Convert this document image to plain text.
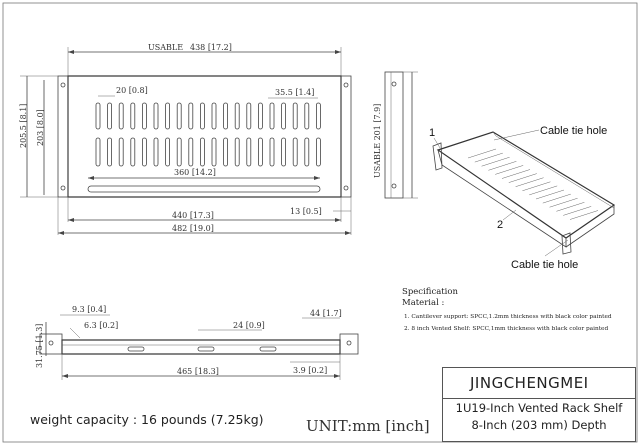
USABLE 438 [17.2]
20 [0.8]	35.5 [1.4]
360 [14.2]
13 [0.5]
440 [17.3]
482 [19.0]
205.5 [8.1] 203 [8.0]	USABLE 201 [7.9]	1
2
Cable tie hole
Cable tie hole
Specification
Material :
1. Cantilever support: SPCC,1.2mm thickness with black color painted
2. 8 inch Vented Shelf: SPCC,1mm thickness with black color painted
9.3 [0.4]
6.3 [0.2]	24 [0.9]
44 [1.7]
31.75 [1.3]
3.9 [0.2]
465 [18.3]
JINGCHENGMEI
1U19-Inch Vented Rack Shelf
8-Inch (203 mm) Depth
weight capacity : 16 pounds (7.25kg)	UNIT:mm [inch]
